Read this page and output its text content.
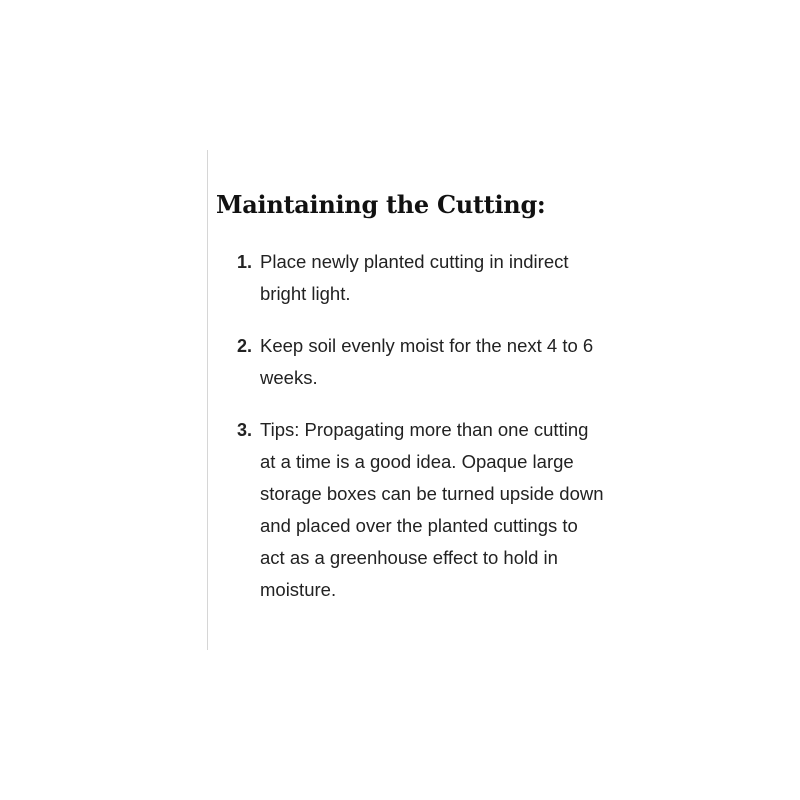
Maintaining the Cutting:
1. Place newly planted cutting in indirect bright light.
2. Keep soil evenly moist for the next 4 to 6 weeks.
3. Tips: Propagating more than one cutting at a time is a good idea. Opaque large storage boxes can be turned upside down and placed over the planted cuttings to act as a greenhouse effect to hold in moisture.
